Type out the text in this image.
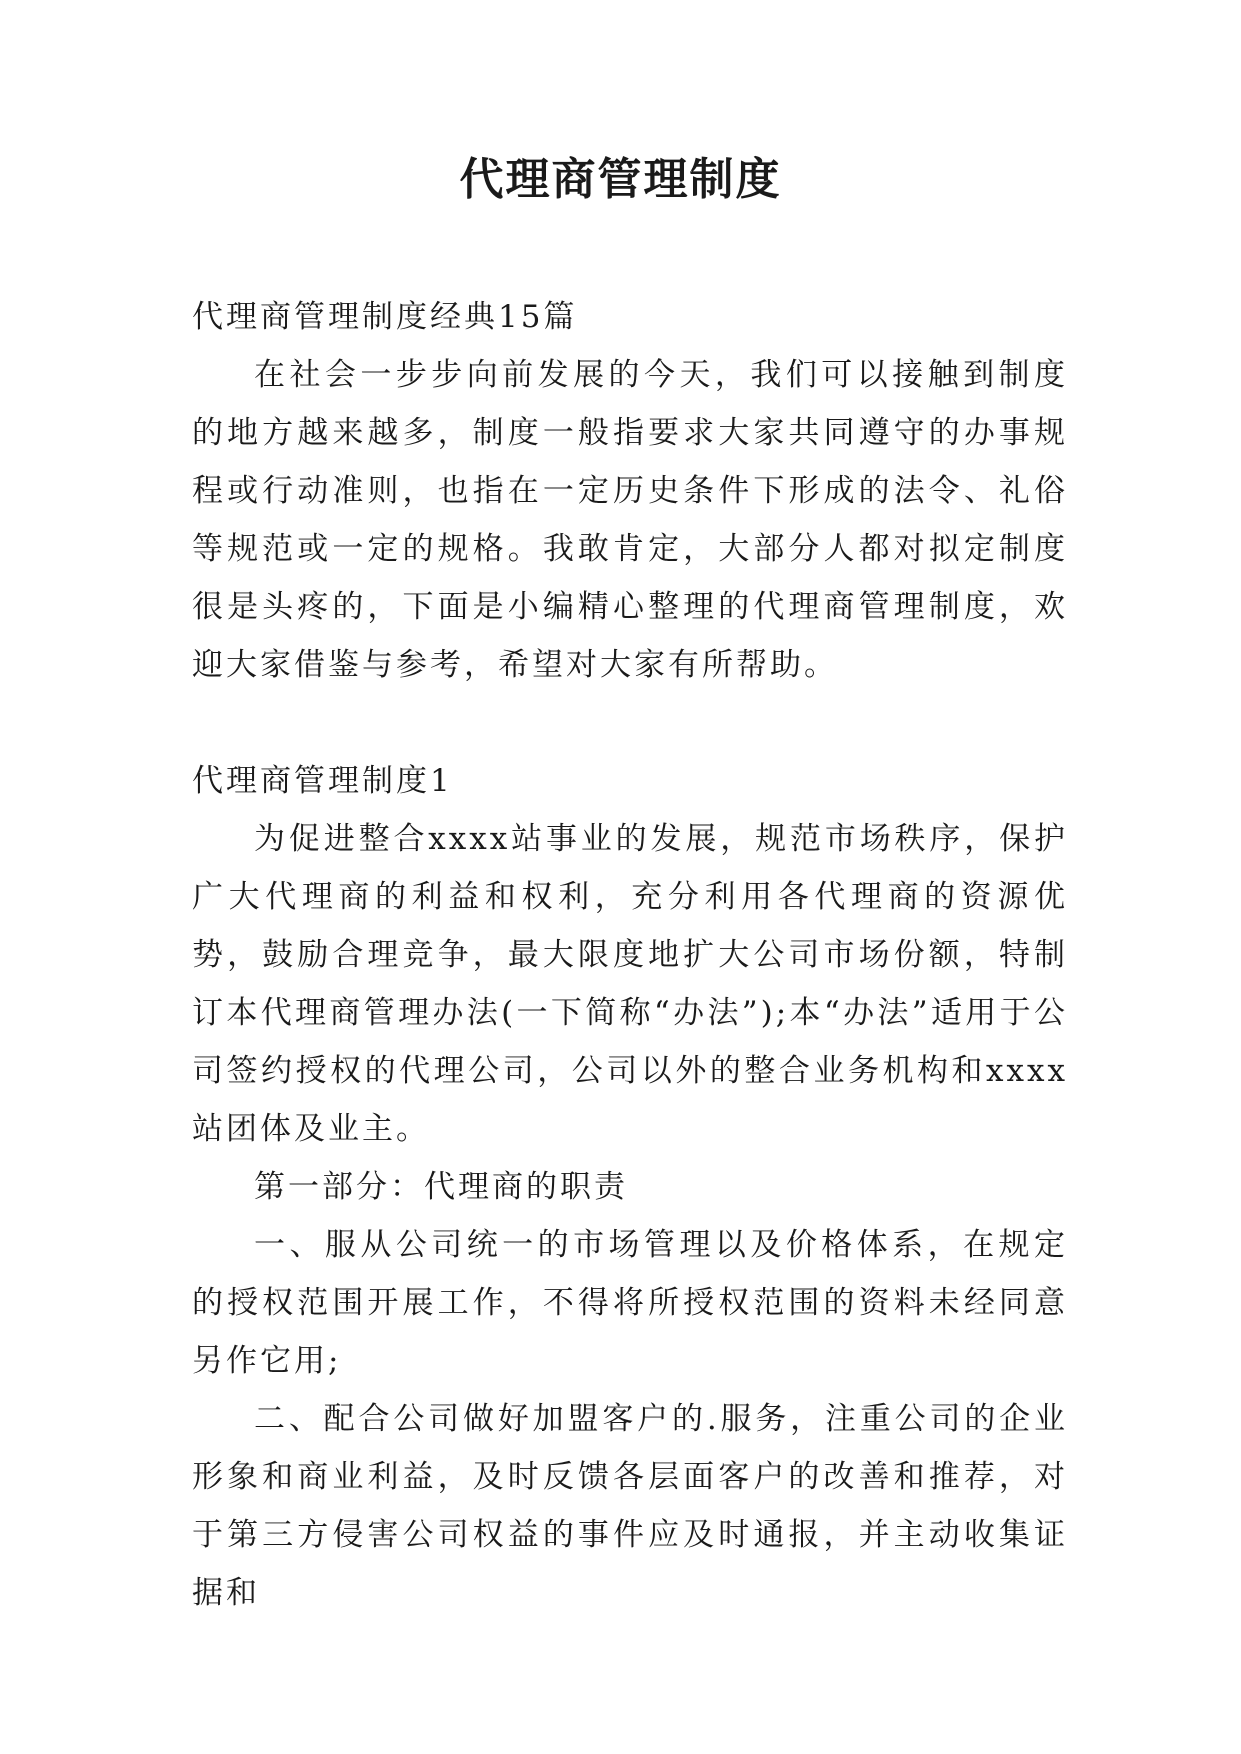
代理商管理制度

代理商管理制度经典15篇

在社会一步步向前发展的今天，我们可以接触到制度的地方越来越多，制度一般指要求大家共同遵守的办事规程或行动准则，也指在一定历史条件下形成的法令、礼俗等规范或一定的规格。我敢肯定，大部分人都对拟定制度很是头疼的，下面是小编精心整理的代理商管理制度，欢迎大家借鉴与参考，希望对大家有所帮助。

代理商管理制度1

为促进整合xxxx站事业的发展，规范市场秩序，保护广大代理商的利益和权利，充分利用各代理商的资源优势，鼓励合理竞争，最大限度地扩大公司市场份额，特制订本代理商管理办法(一下简称“办法”);本“办法”适用于公司签约授权的代理公司，公司以外的整合业务机构和xxxx站团体及业主。

第一部分：代理商的职责

一、服从公司统一的市场管理以及价格体系，在规定的授权范围开展工作，不得将所授权范围的资料未经同意另作它用;

二、配合公司做好加盟客户的.服务，注重公司的企业形象和商业利益，及时反馈各层面客户的改善和推荐，对于第三方侵害公司权益的事件应及时通报，并主动收集证据和
